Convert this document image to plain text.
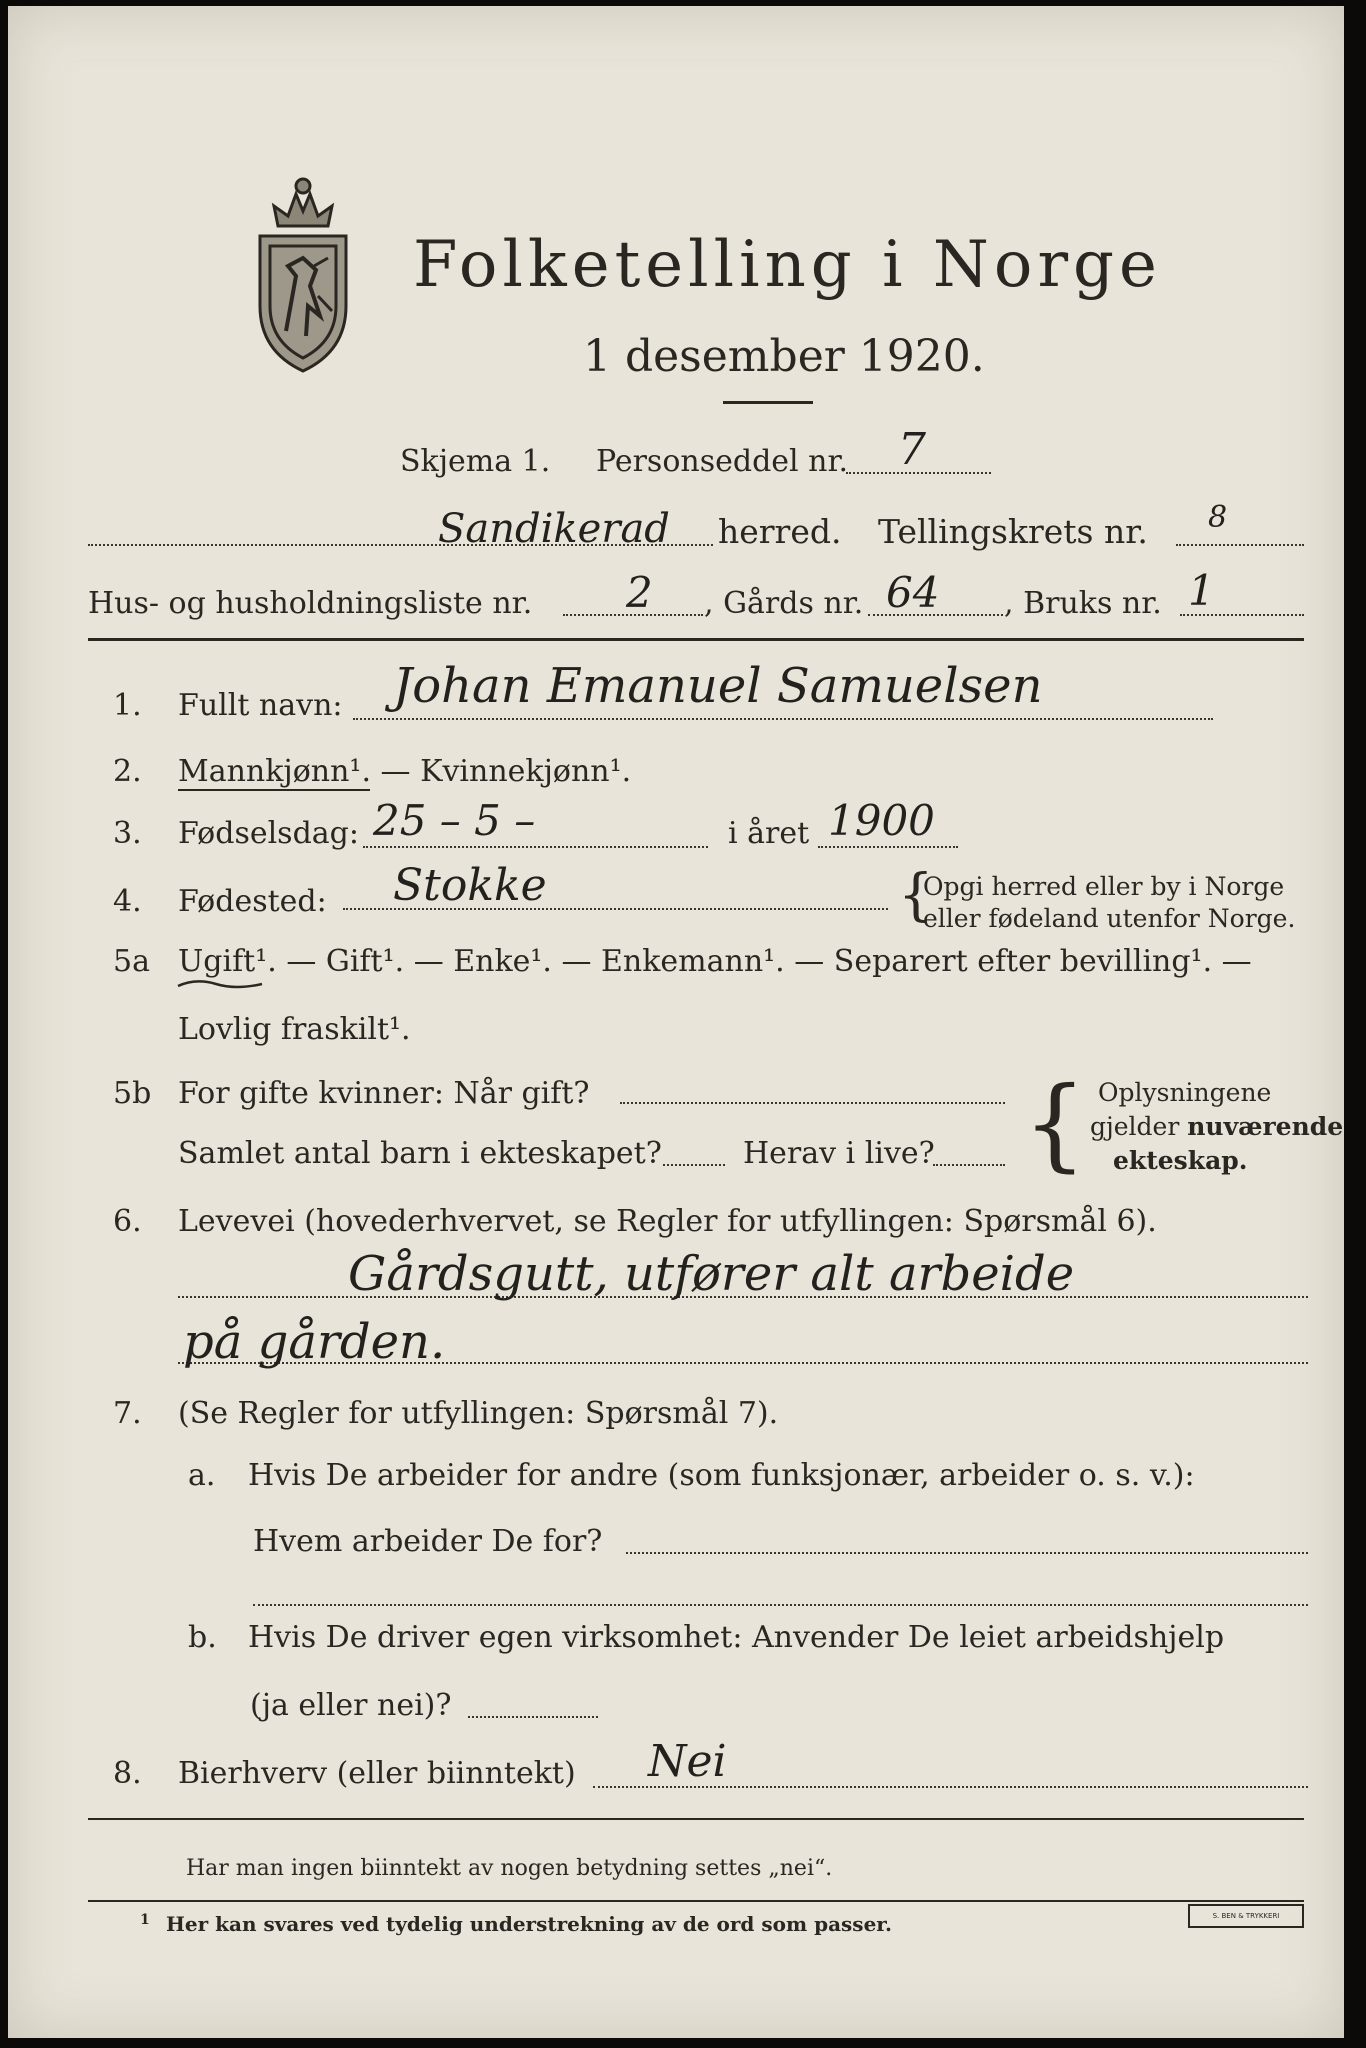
Folketelling i Norge
1 desember 1920.
Skjema 1. Personseddel nr. 7
Sandikerad herred. Tellingskrets nr. 8
Hus- og husholdningsliste nr. 2 , Gårds nr. 64 , Bruks nr. 1
1. Fullt navn: Johan Emanuel Samuelsen
2. Mannkjønn¹. — Kvinnekjønn¹.
3. Fødselsdag: 25 – 5 –	i året 1900
4. Fødested: Stokke	{
Opgi herred eller by i Norge
eller fødeland utenfor Norge.
5a Ugift¹. — Gift¹. — Enke¹. — Enkemann¹. — Separert efter bevilling¹. —
Lovlig fraskilt¹.
5b For gifte kvinner: Når gift?
Samlet antal barn i ekteskapet?	Herav i live? { Oplysningene
gjelder nuværende
ekteskap.
6. Levevei (hovederhvervet, se Regler for utfyllingen: Spørsmål 6).
Gårdsgutt, utfører alt arbeide
på gården.
7. (Se Regler for utfyllingen: Spørsmål 7).
a. Hvis De arbeider for andre (som funksjonær, arbeider o. s. v.):
Hvem arbeider De for?
b. Hvis De driver egen virksomhet: Anvender De leiet arbeidshjelp
(ja eller nei)?
8. Bierhverv (eller biinntekt) Nei
Har man ingen biinntekt av nogen betydning settes „nei“.
1 Her kan svares ved tydelig understrekning av de ord som passer.	S. BEN & TRYKKERI
